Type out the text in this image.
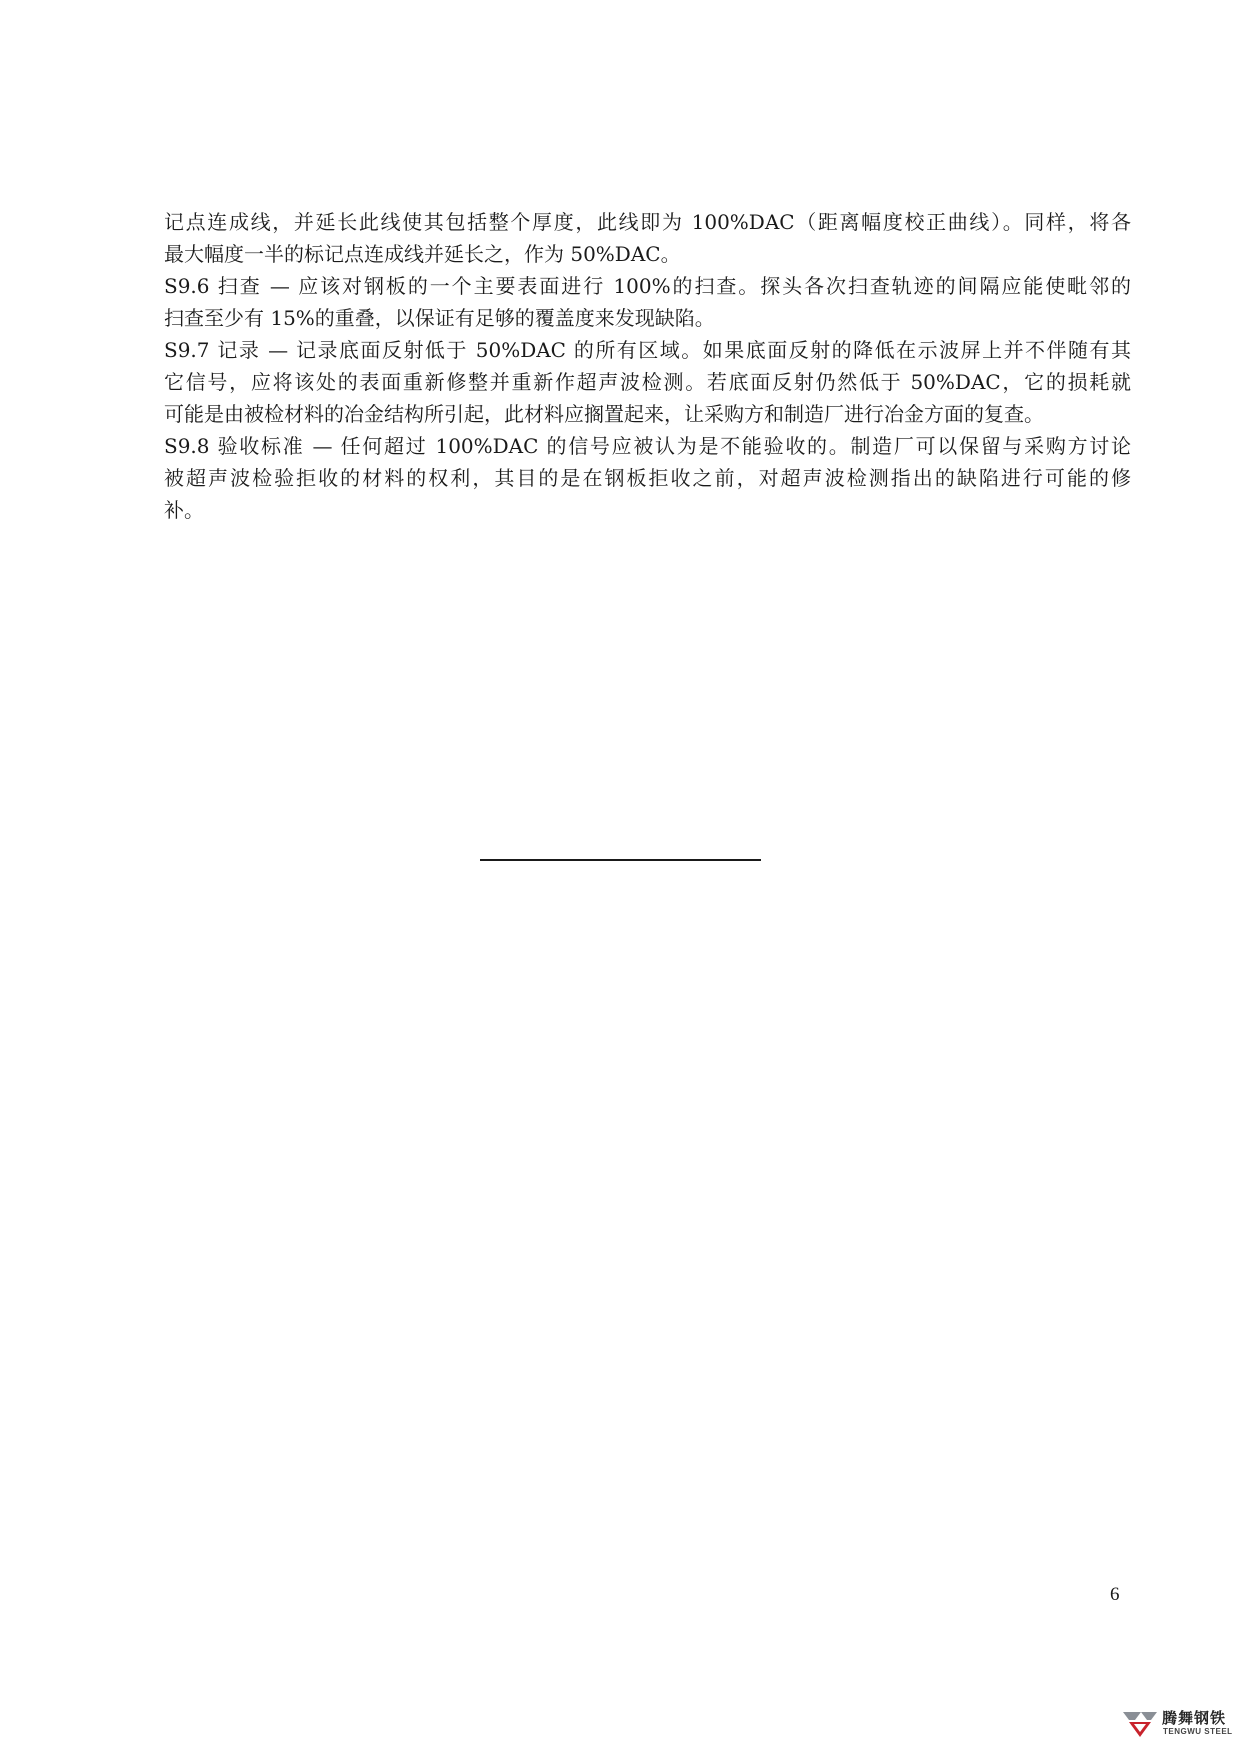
记点连成线，并延长此线使其包括整个厚度，此线即为 100%DAC（距离幅度校正曲线）。同样，将各
最大幅度一半的标记点连成线并延长之，作为 50%DAC。
S9.6 扫查 — 应该对钢板的一个主要表面进行 100%的扫查。探头各次扫查轨迹的间隔应能使毗邻的
扫查至少有 15%的重叠，以保证有足够的覆盖度来发现缺陷。
S9.7 记录 — 记录底面反射低于 50%DAC 的所有区域。如果底面反射的降低在示波屏上并不伴随有其
它信号，应将该处的表面重新修整并重新作超声波检测。若底面反射仍然低于 50%DAC，它的损耗就
可能是由被检材料的冶金结构所引起，此材料应搁置起来，让采购方和制造厂进行冶金方面的复查。
S9.8 验收标准 — 任何超过 100%DAC 的信号应被认为是不能验收的。制造厂可以保留与采购方讨论
被超声波检验拒收的材料的权利，其目的是在钢板拒收之前，对超声波检测指出的缺陷进行可能的修
补。
6
腾舞钢铁
TENGWU STEEL
